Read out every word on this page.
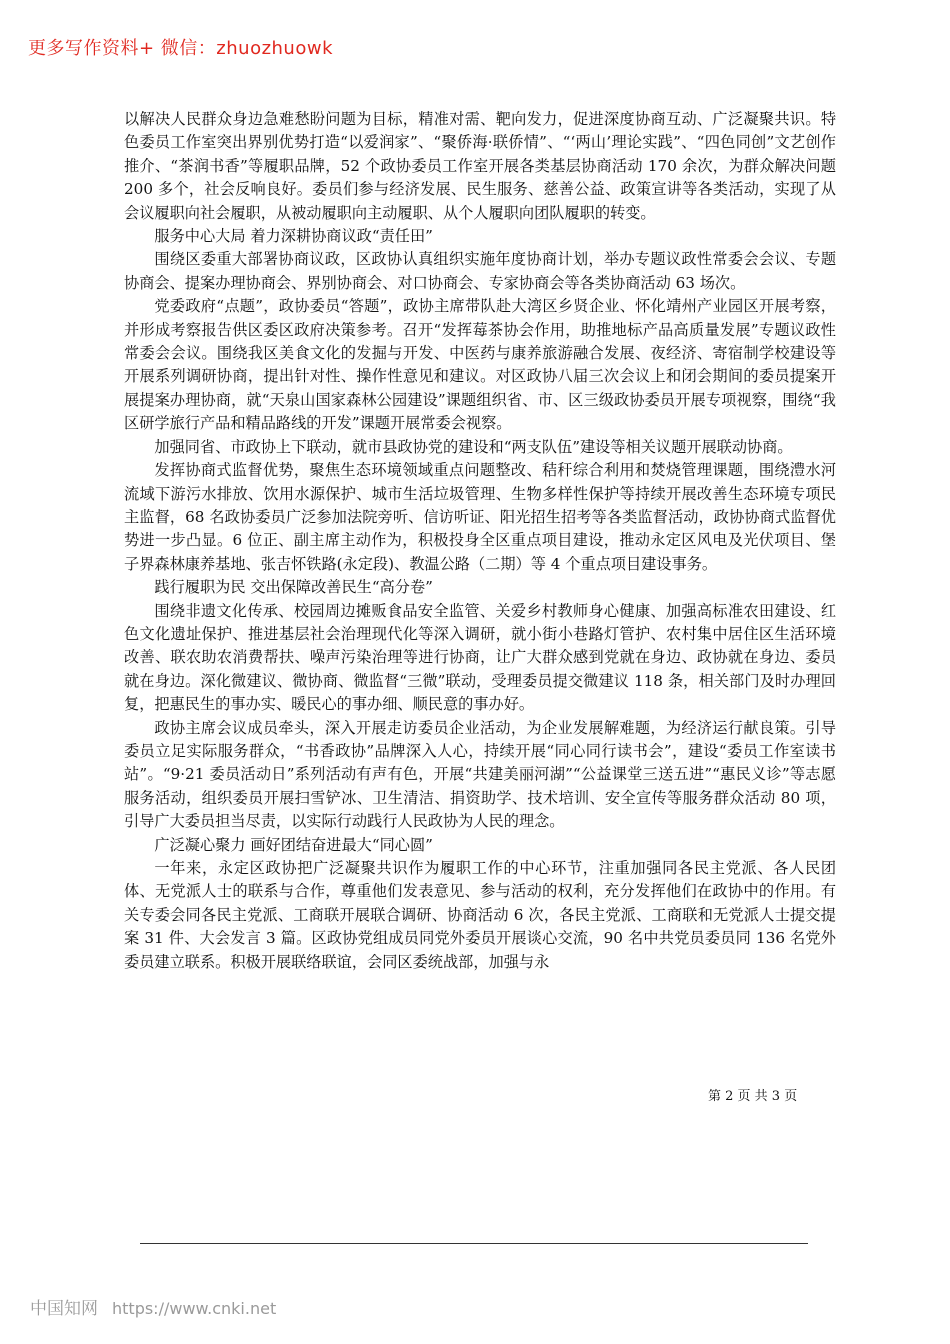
更多写作资料+ 微信：zhuozhuowk

以解决人民群众身边急难愁盼问题为目标，精准对需、靶向发力，促进深度协商互动、广泛凝聚共识。特色委员工作室突出界别优势打造“以爱润家”、“聚侨海·联侨情”、“‘两山’理论实践”、“四色同创”文艺创作推介、“茶润书香”等履职品牌，52 个政协委员工作室开展各类基层协商活动 170 余次，为群众解决问题 200 多个，社会反响良好。委员们参与经济发展、民生服务、慈善公益、政策宣讲等各类活动，实现了从会议履职向社会履职，从被动履职向主动履职、从个人履职向团队履职的转变。

服务中心大局 着力深耕协商议政“责任田”

围绕区委重大部署协商议政，区政协认真组织实施年度协商计划，举办专题议政性常委会会议、专题协商会、提案办理协商会、界别协商会、对口协商会、专家协商会等各类协商活动 63 场次。

党委政府“点题”，政协委员“答题”，政协主席带队赴大湾区乡贤企业、怀化靖州产业园区开展考察，并形成考察报告供区委区政府决策参考。召开“发挥莓茶协会作用，助推地标产品高质量发展”专题议政性常委会会议。围绕我区美食文化的发掘与开发、中医药与康养旅游融合发展、夜经济、寄宿制学校建设等开展系列调研协商，提出针对性、操作性意见和建议。对区政协八届三次会议上和闭会期间的委员提案开展提案办理协商，就“天泉山国家森林公园建设”课题组织省、市、区三级政协委员开展专项视察，围绕“我区研学旅行产品和精品路线的开发”课题开展常委会视察。

加强同省、市政协上下联动，就市县政协党的建设和“两支队伍”建设等相关议题开展联动协商。

发挥协商式监督优势，聚焦生态环境领域重点问题整改、秸秆综合利用和焚烧管理课题，围绕澧水河流域下游污水排放、饮用水源保护、城市生活垃圾管理、生物多样性保护等持续开展改善生态环境专项民主监督，68 名政协委员广泛参加法院旁听、信访听证、阳光招生招考等各类监督活动，政协协商式监督优势进一步凸显。6 位正、副主席主动作为，积极投身全区重点项目建设，推动永定区风电及光伏项目、堡子界森林康养基地、张吉怀铁路(永定段)、教温公路（二期）等 4 个重点项目建设事务。

践行履职为民 交出保障改善民生“高分卷”

围绕非遗文化传承、校园周边摊贩食品安全监管、关爱乡村教师身心健康、加强高标准农田建设、红色文化遗址保护、推进基层社会治理现代化等深入调研，就小街小巷路灯管护、农村集中居住区生活环境改善、联农助农消费帮扶、噪声污染治理等进行协商，让广大群众感到党就在身边、政协就在身边、委员就在身边。深化微建议、微协商、微监督“三微”联动，受理委员提交微建议 118 条，相关部门及时办理回复，把惠民生的事办实、暖民心的事办细、顺民意的事办好。

政协主席会议成员牵头，深入开展走访委员企业活动，为企业发展解难题，为经济运行献良策。引导委员立足实际服务群众，“书香政协”品牌深入人心，持续开展“同心同行读书会”，建设“委员工作室读书站”。“9·21 委员活动日”系列活动有声有色，开展“共建美丽河湖”“公益课堂三送五进”“惠民义诊”等志愿服务活动，组织委员开展扫雪铲冰、卫生清洁、捐资助学、技术培训、安全宣传等服务群众活动 80 项，引导广大委员担当尽责，以实际行动践行人民政协为人民的理念。

广泛凝心聚力 画好团结奋进最大“同心圆”

一年来，永定区政协把广泛凝聚共识作为履职工作的中心环节，注重加强同各民主党派、各人民团体、无党派人士的联系与合作，尊重他们发表意见、参与活动的权利，充分发挥他们在政协中的作用。有关专委会同各民主党派、工商联开展联合调研、协商活动 6 次，各民主党派、工商联和无党派人士提交提案 31 件、大会发言 3 篇。区政协党组成员同党外委员开展谈心交流，90 名中共党员委员同 136 名党外委员建立联系。积极开展联络联谊，会同区委统战部，加强与永

第 2 页 共 3 页
中国知网 https://www.cnki.net
